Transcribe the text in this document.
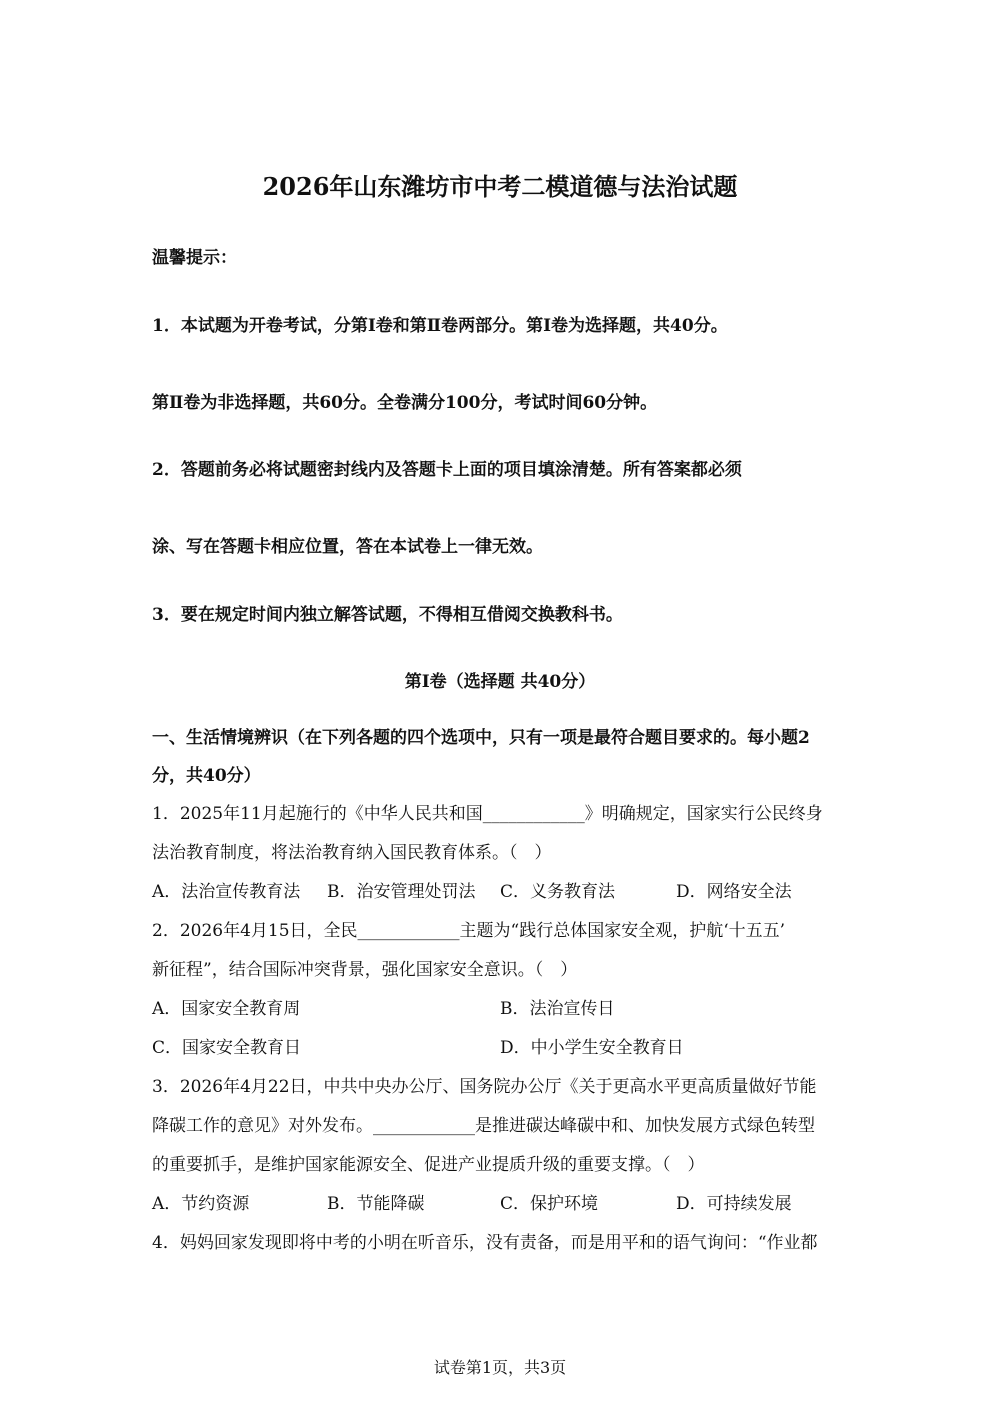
2026年山东潍坊市中考二模道德与法治试题
温馨提示：
1．本试题为开卷考试，分第Ⅰ卷和第Ⅱ卷两部分。第Ⅰ卷为选择题，共40分。
第Ⅱ卷为非选择题，共60分。全卷满分100分，考试时间60分钟。
2．答题前务必将试题密封线内及答题卡上面的项目填涂清楚。所有答案都必须
涂、写在答题卡相应位置，答在本试卷上一律无效。
3．要在规定时间内独立解答试题，不得相互借阅交换教科书。
第Ⅰ卷（选择题 共40分）
一、生活情境辨识（在下列各题的四个选项中，只有一项是最符合题目要求的。每小题2
分，共40分）
1．2025年11月起施行的《中华人民共和国____________》明确规定，国家实行公民终身
法治教育制度，将法治教育纳入国民教育体系。（　）
A．法治宣传教育法 B．治安管理处罚法 C．义务教育法	D．网络安全法
2．2026年4月15日，全民____________主题为“践行总体国家安全观，护航‘十五五’
新征程”，结合国际冲突背景，强化国家安全意识。（　）
A．国家安全教育周	B．法治宣传日
C．国家安全教育日	D．中小学生安全教育日
3．2026年4月22日，中共中央办公厅、国务院办公厅《关于更高水平更高质量做好节能
降碳工作的意见》对外发布。____________是推进碳达峰碳中和、加快发展方式绿色转型
的重要抓手，是维护国家能源安全、促进产业提质升级的重要支撑。（　）
A．节约资源	B．节能降碳	C．保护环境	D．可持续发展
4．妈妈回家发现即将中考的小明在听音乐，没有责备，而是用平和的语气询问：“作业都
试卷第1页，共3页
